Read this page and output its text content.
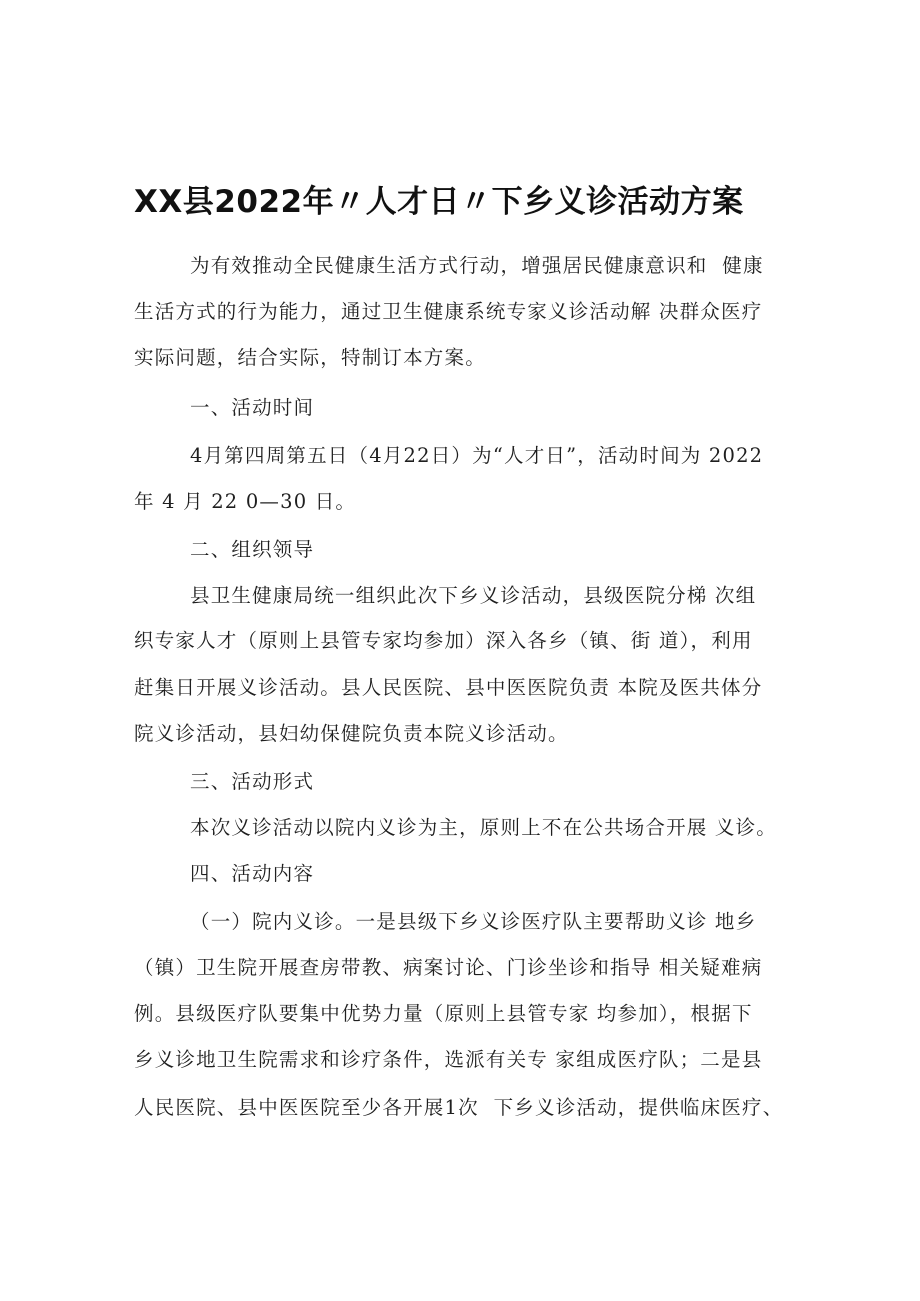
XX县2022年〃人才日〃下乡义诊活动方案
为有效推动全民健康生活方式行动，增强居民健康意识和  健康
生活方式的行为能力，通过卫生健康系统专家义诊活动解 决群众医疗
实际问题，结合实际，特制订本方案。
一、活动时间
4月第四周第五日（4月22日）为“人才日”，活动时间为 2022
年 4 月 22 0—30 日。
二、组织领导
县卫生健康局统一组织此次下乡义诊活动，县级医院分梯 次组
织专家人才（原则上县管专家均参加）深入各乡（镇、街 道），利用
赶集日开展义诊活动。县人民医院、县中医医院负责 本院及医共体分
院义诊活动，县妇幼保健院负责本院义诊活动。
三、活动形式
本次义诊活动以院内义诊为主，原则上不在公共场合开展 义诊。
四、活动内容
（一）院内义诊。一是县级下乡义诊医疗队主要帮助义诊 地乡
（镇）卫生院开展查房带教、病案讨论、门诊坐诊和指导 相关疑难病
例。县级医疗队要集中优势力量（原则上县管专家 均参加），根据下
乡义诊地卫生院需求和诊疗条件，选派有关专 家组成医疗队；二是县
人民医院、县中医医院至少各开展1次  下乡义诊活动，提供临床医疗、
